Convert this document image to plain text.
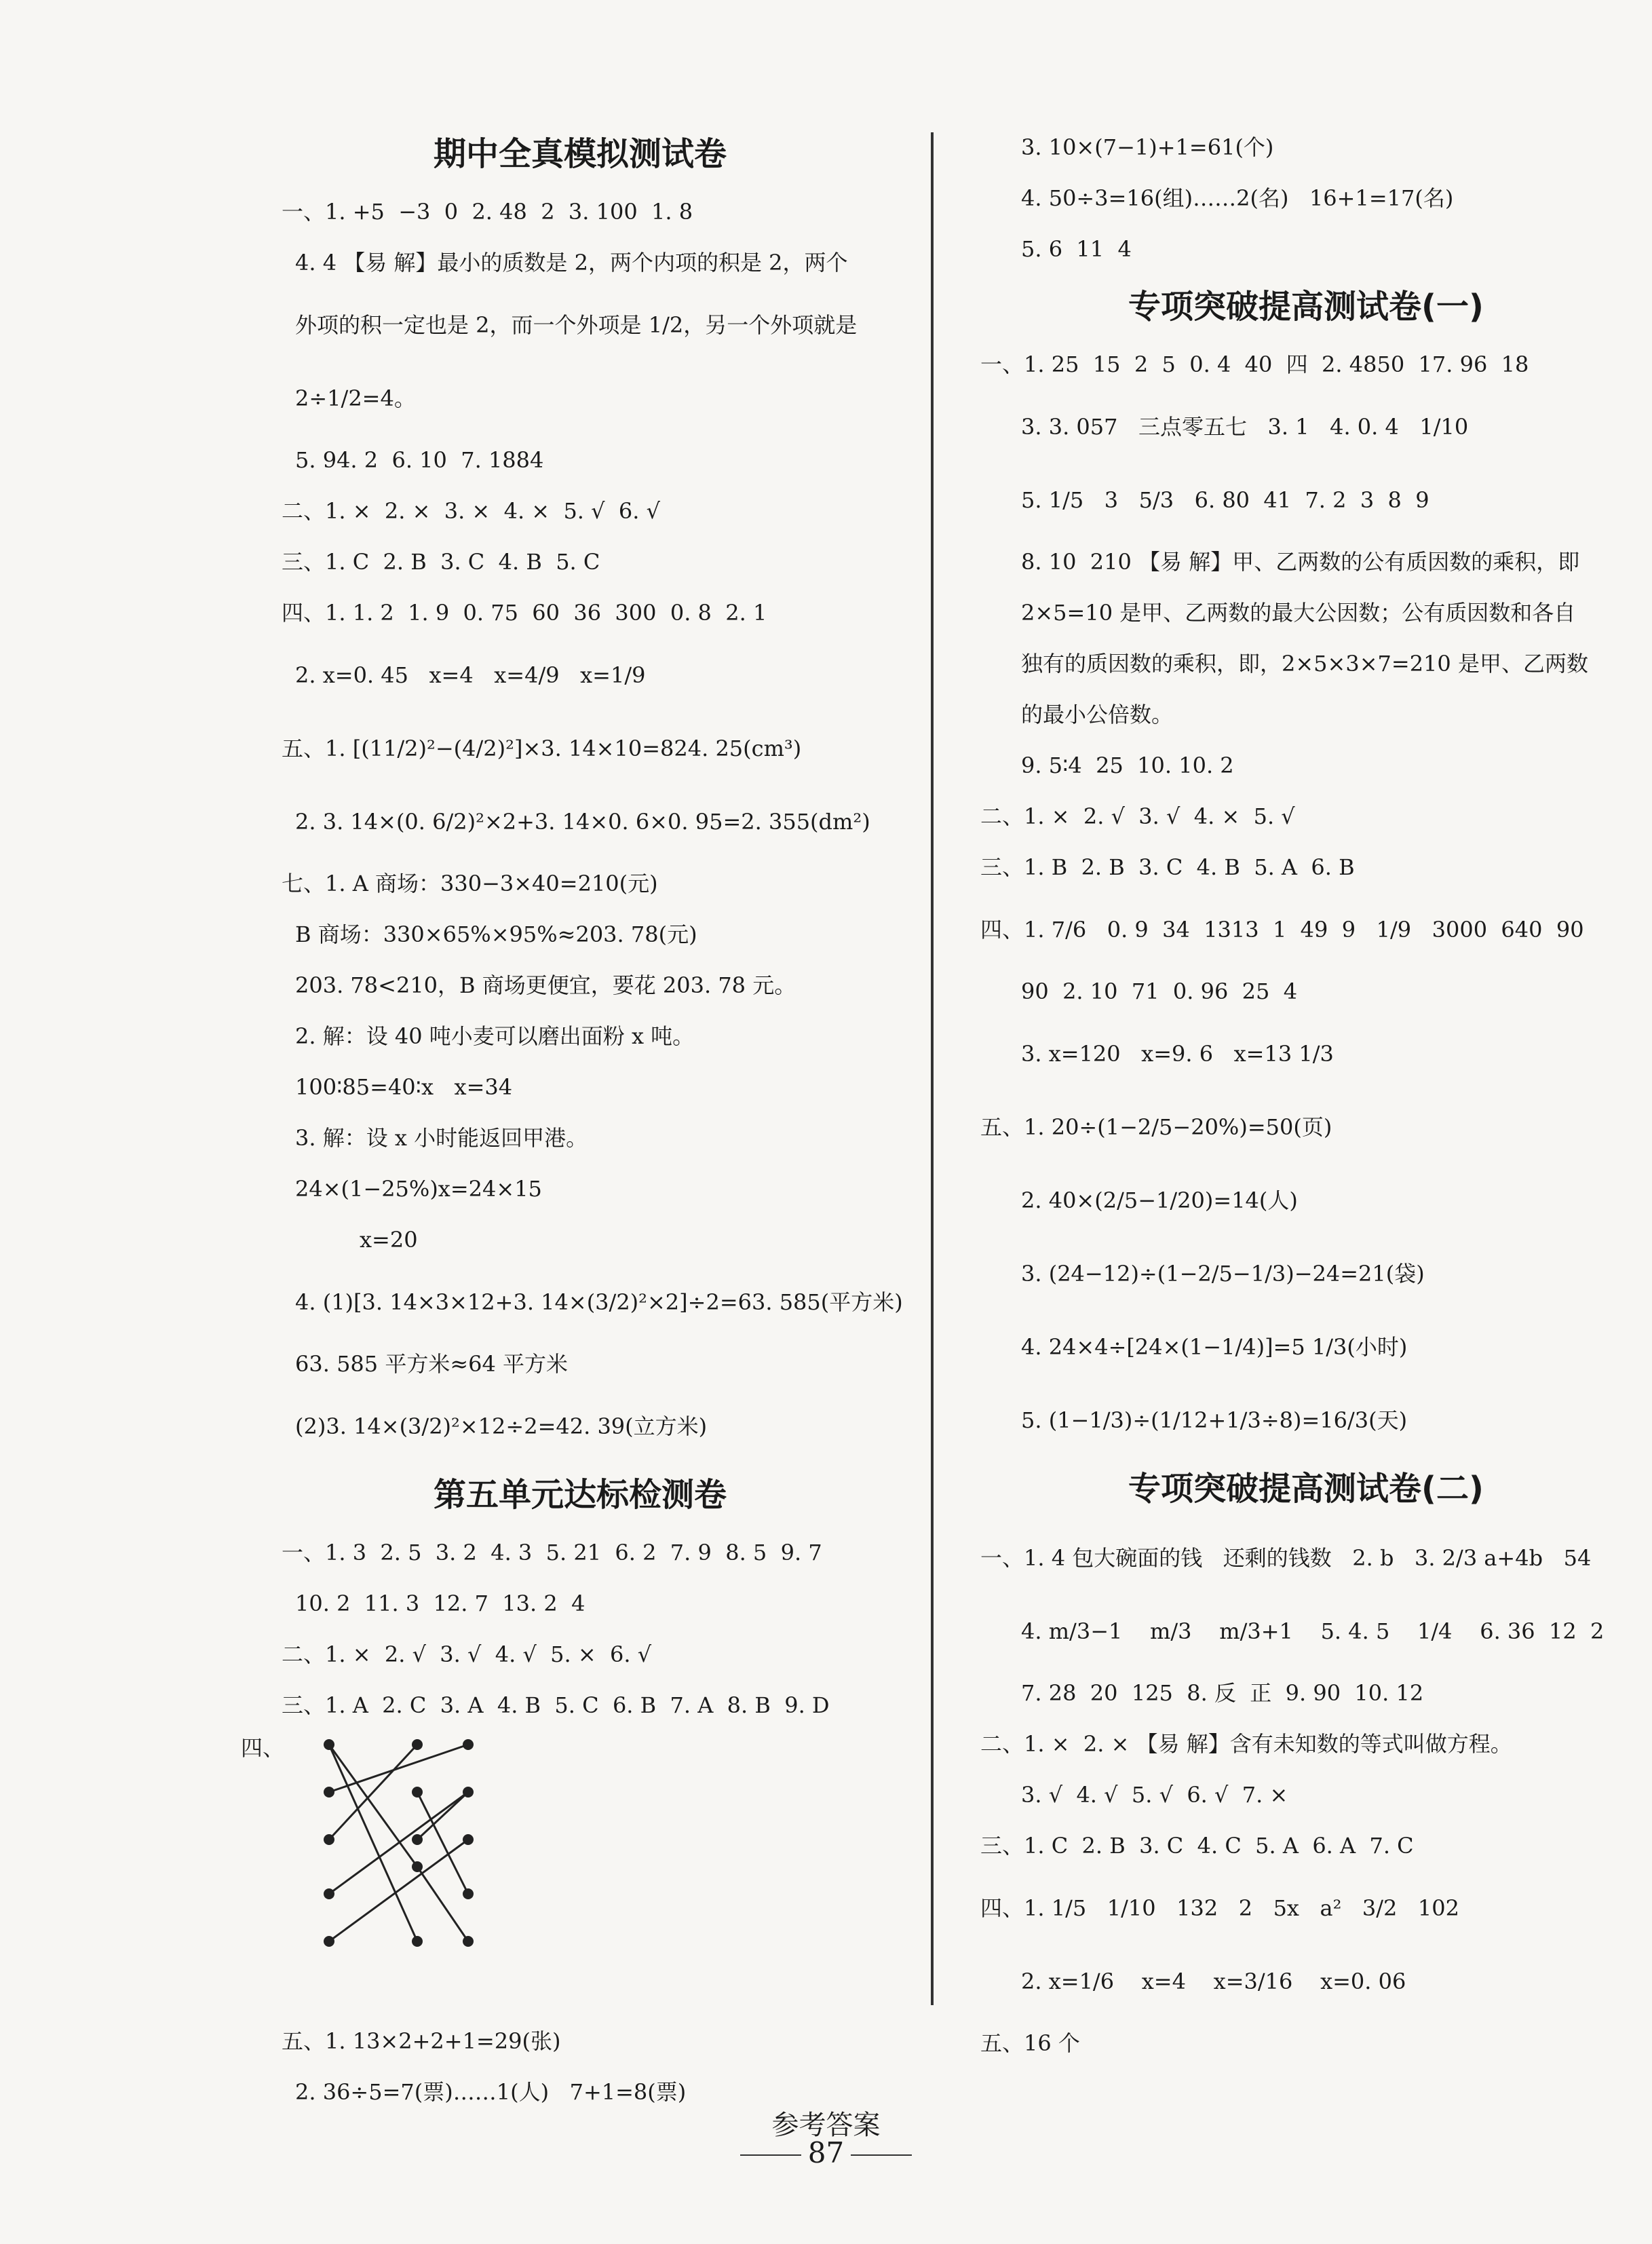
期中全真模拟测试卷
一、1. +5  −3  0  2. 48  2  3. 100  1. 8
4. 4 【易 解】最小的质数是 2，两个内项的积是 2，两个
外项的积一定也是 2，而一个外项是 1/2，另一个外项就是
2÷1/2=4。
5. 94. 2  6. 10  7. 1884
二、1. ×  2. ×  3. ×  4. ×  5. √  6. √
三、1. C  2. B  3. C  4. B  5. C
四、1. 1. 2  1. 9  0. 75  60  36  300  0. 8  2. 1
2. x=0. 45   x=4   x=4/9   x=1/9
五、1. [(11/2)²−(4/2)²]×3. 14×10=824. 25(cm³)
2. 3. 14×(0. 6/2)²×2+3. 14×0. 6×0. 95=2. 355(dm²)
七、1. A 商场：330−3×40=210(元)
B 商场：330×65%×95%≈203. 78(元)
203. 78<210，B 商场更便宜，要花 203. 78 元。
2. 解：设 40 吨小麦可以磨出面粉 x 吨。
100∶85=40∶x   x=34
3. 解：设 x 小时能返回甲港。
24×(1−25%)x=24×15
x=20
4. (1)[3. 14×3×12+3. 14×(3/2)²×2]÷2=63. 585(平方米)
63. 585 平方米≈64 平方米
(2)3. 14×(3/2)²×12÷2=42. 39(立方米)
第五单元达标检测卷
一、1. 3  2. 5  3. 2  4. 3  5. 21  6. 2  7. 9  8. 5  9. 7
10. 2  11. 3  12. 7  13. 2  4
二、1. ×  2. √  3. √  4. √  5. ×  6. √
三、1. A  2. C  3. A  4. B  5. C  6. B  7. A  8. B  9. D
四、
五、1. 13×2+2+1=29(张)
2. 36÷5=7(票)……1(人)   7+1=8(票)
3. 10×(7−1)+1=61(个)
4. 50÷3=16(组)……2(名)   16+1=17(名)
5. 6  11  4
专项突破提高测试卷(一)
一、1. 25  15  2  5  0. 4  40  四  2. 4850  17. 96  18
3. 3. 057   三点零五七   3. 1   4. 0. 4   1/10
5. 1/5   3   5/3   6. 80  41  7. 2  3  8  9
8. 10  210 【易 解】甲、乙两数的公有质因数的乘积，即
2×5=10 是甲、乙两数的最大公因数；公有质因数和各自
独有的质因数的乘积，即，2×5×3×7=210 是甲、乙两数
的最小公倍数。
9. 5∶4  25  10. 10. 2
二、1. ×  2. √  3. √  4. ×  5. √
三、1. B  2. B  3. C  4. B  5. A  6. B
四、1. 7/6   0. 9  34  1313  1  49  9   1/9   3000  640  90
90  2. 10  71  0. 96  25  4
3. x=120   x=9. 6   x=13 1/3
五、1. 20÷(1−2/5−20%)=50(页)
2. 40×(2/5−1/20)=14(人)
3. (24−12)÷(1−2/5−1/3)−24=21(袋)
4. 24×4÷[24×(1−1/4)]=5 1/3(小时)
5. (1−1/3)÷(1/12+1/3÷8)=16/3(天)
专项突破提高测试卷(二)
一、1. 4 包大碗面的钱   还剩的钱数   2. b   3. 2/3 a+4b   54
4. m/3−1    m/3    m/3+1    5. 4. 5    1/4    6. 36  12  2
7. 28  20  125  8. 反  正  9. 90  10. 12
二、1. ×  2. × 【易 解】含有未知数的等式叫做方程。
3. √  4. √  5. √  6. √  7. ×
三、1. C  2. B  3. C  4. C  5. A  6. A  7. C
四、1. 1/5   1/10   132   2   5x   a²   3/2   102
2. x=1/6    x=4    x=3/16    x=0. 06
五、16 个
参考答案
87
